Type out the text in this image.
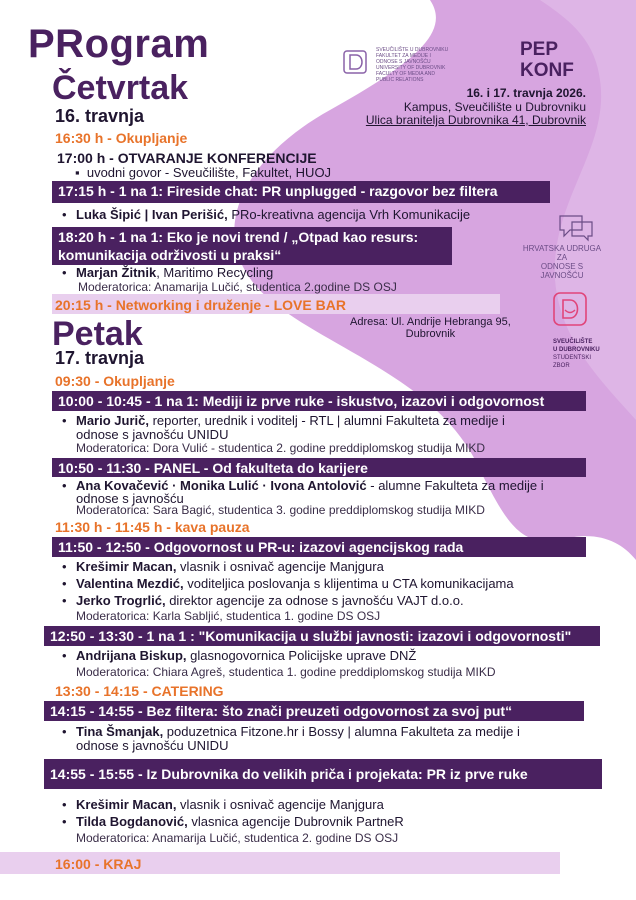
PRogram	SVEUČILIŠTE U DUBROVNIKU
FAKULTET ZA MEDIJE I
ODNOSE S JAVNOŠĆU
UNIVERSITY OF DUBROVNIK
FACULTY OF MEDIA AND
PUBLIC RELATIONS
PEP
KONF
16. i 17. travnja 2026.
Kampus, Sveučilište u Dubrovniku
Ulica branitelja Dubrovnika 41, Dubrovnik
Četvrtak
16. travnja
16:30 h - Okupljanje
17:00 h - OTVARANJE KONFERENCIJE
▪  uvodni govor - Sveučilište, Fakultet, HUOJ
17:15 h - 1 na 1: Fireside chat: PR unplugged - razgovor bez filtera
• Luka Šipić | Ivan Perišić, PRo-kreativna agencija Vrh Komunikacije
18:20 h - 1 na 1: Eko je novi trend / „Otpad kao resurs:
komunikacija održivosti u praksi“
• Marjan Žitnik, Maritimo Recycling
Moderatorica: Anamarija Lučić, studentica 2.godine DS OSJ
20:15 h - Networking i druženje - LOVE BAR
Adresa: Ul. Andrije Hebranga 95,
Dubrovnik
HRVATSKA UDRUGA ZA
ODNOSE S JAVNOŠĆU
SVEUČILIŠTE
U DUBROVNIKU
STUDENTSKI
ZBOR
Petak
17. travnja
09:30 - Okupljanje
10:00 - 10:45 - 1 na 1: Mediji iz prve ruke - iskustvo, izazovi i odgovornost
• Mario Jurič, reporter, urednik i voditelj - RTL | alumni Fakulteta za medije i
odnose s javnošću UNIDU
Moderatorica: Dora Vulić - studentica 2. godine preddiplomskog studija MIKD
10:50 - 11:30 - PANEL - Od fakulteta do karijere
• Ana Kovačević · Monika Lulić · Ivona Antolović - alumne Fakulteta za medije i
odnose s javnošću
Moderatorica: Sara Bagić, studentica 3. godine preddiplomskog studija MIKD
11:30 h - 11:45 h - kava pauza
11:50 - 12:50 - Odgovornost u PR-u: izazovi agencijskog rada
• Krešimir Macan, vlasnik i osnivač agencije Manjgura
• Valentina Mezdić, voditeljica poslovanja s klijentima u CTA komunikacijama
• Jerko Trogrlić, direktor agencije za odnose s javnošću VAJT d.o.o.
Moderatorica: Karla Sabljić, studentica 1. godine DS OSJ
12:50 - 13:30 - 1 na 1 : "Komunikacija u službi javnosti: izazovi i odgovornosti"
• Andrijana Biskup, glasnogovornica Policijske uprave DNŽ
Moderatorica: Chiara Agreš, studentica 1. godine preddiplomskog studija MIKD
13:30 - 14:15 - CATERING
14:15 - 14:55 - Bez filtera: što znači preuzeti odgovornost za svoj put“
• Tina Šmanjak, poduzetnica Fitzone.hr i Bossy | alumna Fakulteta za medije i
odnose s javnošću UNIDU
14:55 - 15:55 - Iz Dubrovnika do velikih priča i projekata: PR iz prve ruke
• Krešimir Macan, vlasnik i osnivač agencije Manjgura
• Tilda Bogdanović, vlasnica agencije Dubrovnik PartneR
Moderatorica: Anamarija Lučić, studentica 2. godine DS OSJ
16:00 - KRAJ
